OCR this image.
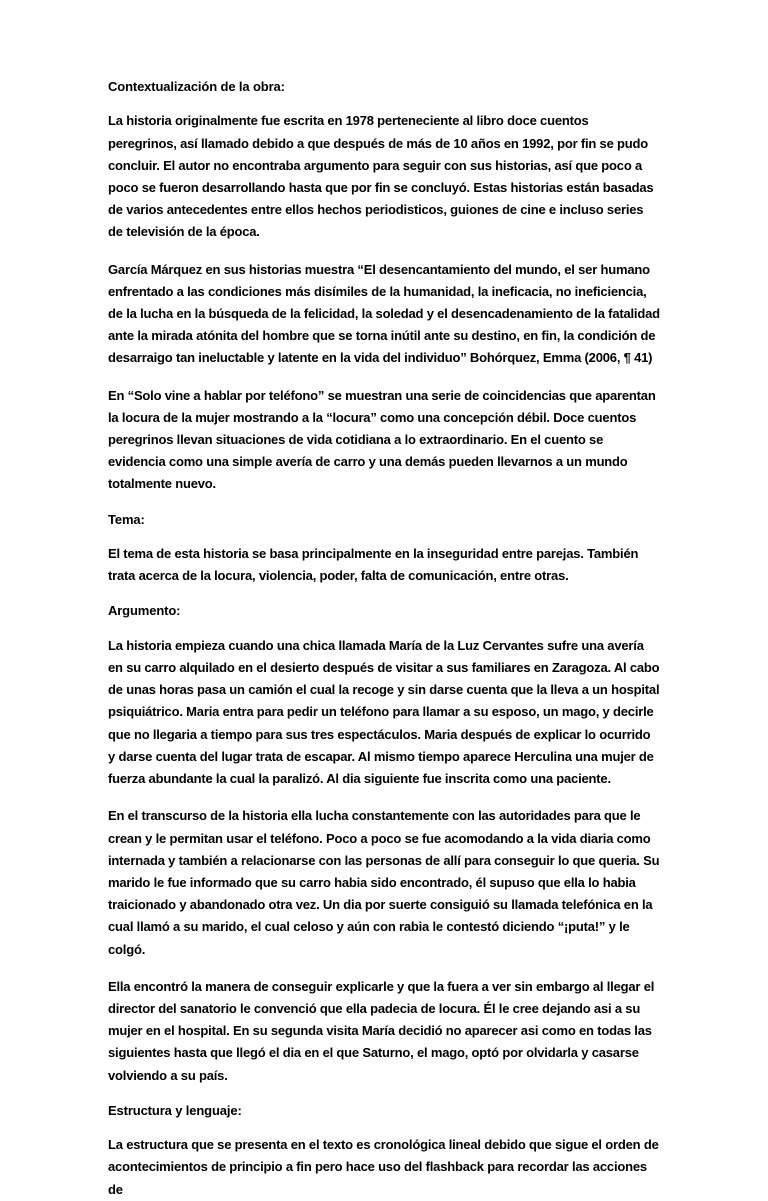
Contextualización de la obra:

La historia originalmente fue escrita en 1978 perteneciente al libro doce cuentos peregrinos, así llamado debido a que después de más de 10 años en 1992, por fin se pudo concluir. El autor no encontraba argumento para seguir con sus historias, así que poco a poco se fueron desarrollando hasta que por fin se concluyó. Estas historias están basadas de varios antecedentes entre ellos hechos periodisticos, guiones de cine e incluso series de televisión de la época.

García Márquez en sus historias muestra “El desencantamiento del mundo, el ser humano enfrentado a las condiciones más disímiles de la humanidad, la ineficacia, no ineficiencia, de la lucha en la búsqueda de la felicidad, la soledad y el desencadenamiento de la fatalidad ante la mirada atónita del hombre que se torna inútil ante su destino, en fin, la condición de desarraigo tan ineluctable y latente en la vida del individuo” Bohórquez, Emma (2006, ¶ 41)

En “Solo vine a hablar por teléfono” se muestran una serie de coincidencias que aparentan la locura de la mujer mostrando a la “locura” como una concepción débil. Doce cuentos peregrinos llevan situaciones de vida cotidiana a lo extraordinario. En el cuento se evidencia como una simple avería de carro y una demás pueden llevarnos a un mundo totalmente nuevo.

Tema:

El tema de esta historia se basa principalmente en la inseguridad entre parejas. También trata acerca de la locura, violencia, poder, falta de comunicación, entre otras.

Argumento:

La historia empieza cuando una chica llamada María de la Luz Cervantes sufre una avería en su carro alquilado en el desierto después de visitar a sus familiares en Zaragoza. Al cabo de unas horas pasa un camión el cual la recoge y sin darse cuenta que la lleva a un hospital psiquiátrico. Maria entra para pedir un teléfono para llamar a su esposo, un mago, y decirle que no llegaria a tiempo para sus tres espectáculos. Maria después de explicar lo ocurrido y darse cuenta del lugar trata de escapar. Al mismo tiempo aparece Herculina una mujer de fuerza abundante la cual la paralizó. Al dia siguiente fue inscrita como una paciente.

En el transcurso de la historia ella lucha constantemente con las autoridades para que le crean y le permitan usar el teléfono. Poco a poco se fue acomodando a la vida diaria como internada y también a relacionarse con las personas de allí para conseguir lo que queria. Su marido le fue informado que su carro habia sido encontrado, él supuso que ella lo habia traicionado y abandonado otra vez. Un dia por suerte consiguió su llamada telefónica en la cual llamó a su marido, el cual celoso y aún con rabia le contestó diciendo “¡puta!” y le colgó.

Ella encontró la manera de conseguir explicarle y que la fuera a ver sin embargo al llegar el director del sanatorio le convenció que ella padecia de locura. Él le cree dejando asi a su mujer en el hospital. En su segunda visita María decidió no aparecer asi como en todas las siguientes hasta que llegó el dia en el que Saturno, el mago, optó por olvidarla y casarse volviendo a su país.

Estructura y lenguaje:

La estructura que se presenta en el texto es cronológica lineal debido que sigue el orden de acontecimientos de principio a fin pero hace uso del flashback para recordar las acciones de
